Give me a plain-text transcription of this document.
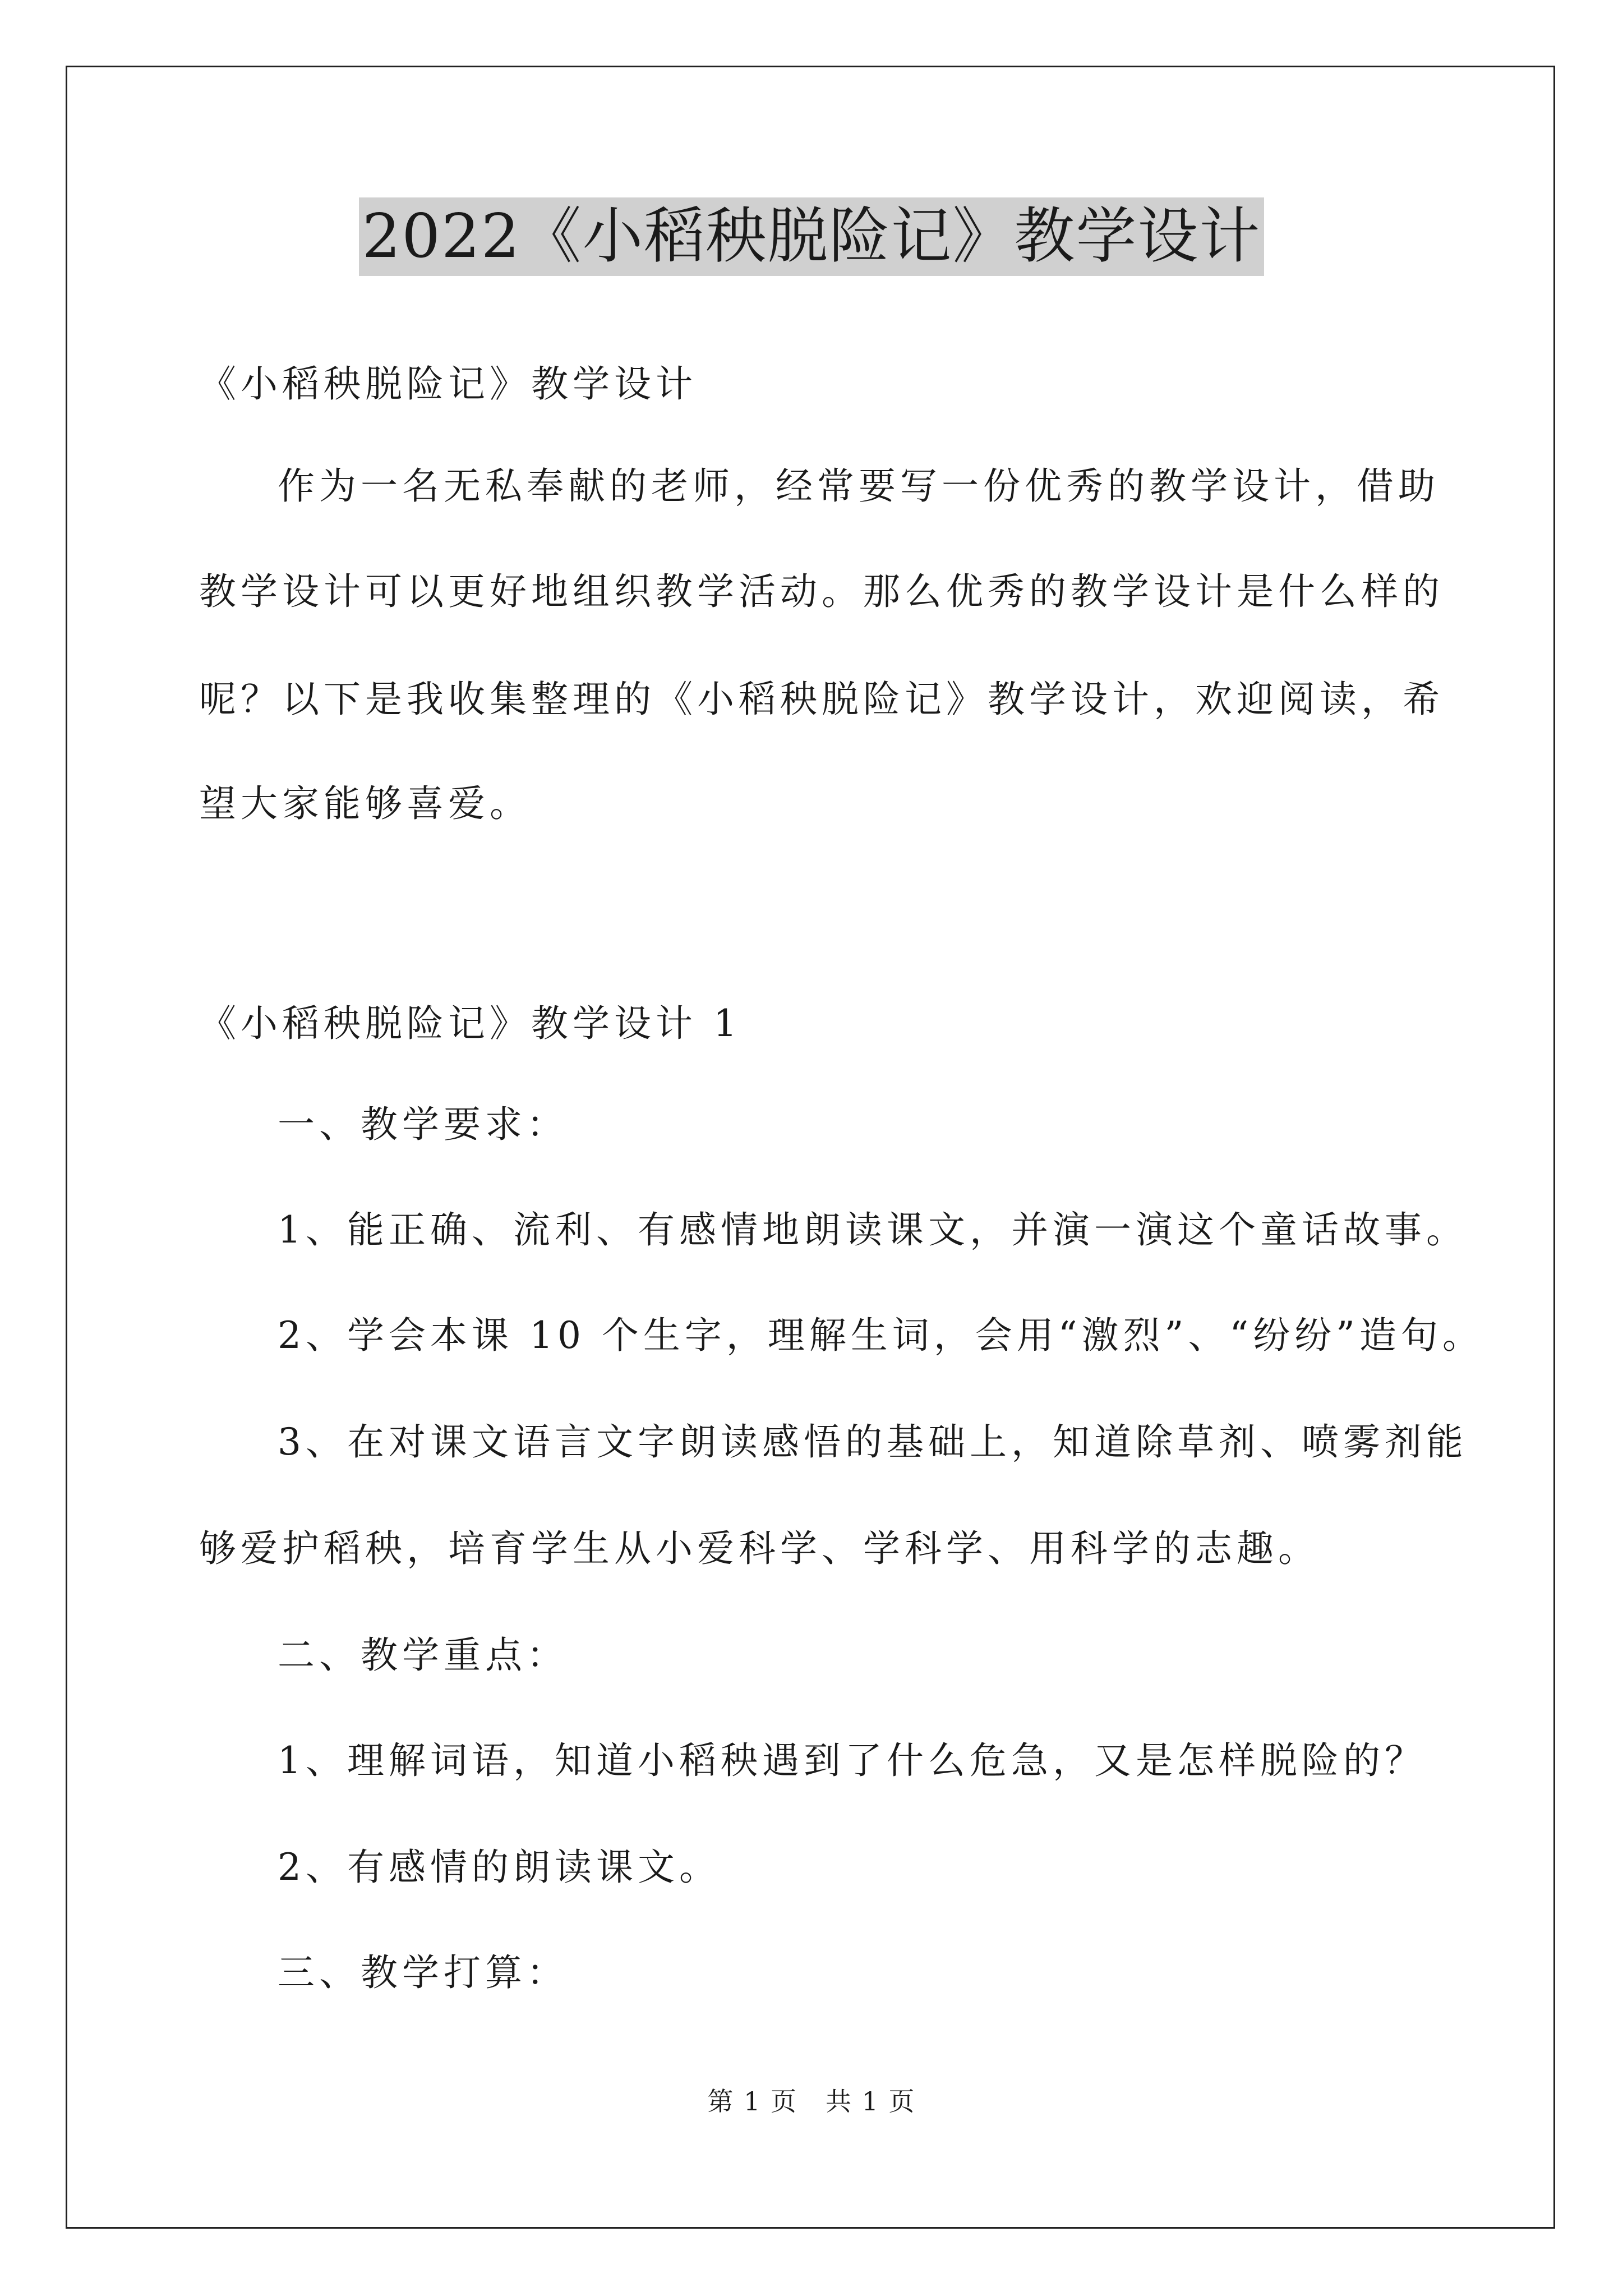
2022《小稻秧脱险记》教学设计
《小稻秧脱险记》教学设计
作为一名无私奉献的老师，经常要写一份优秀的教学设计，借助
教学设计可以更好地组织教学活动。那么优秀的教学设计是什么样的
呢？以下是我收集整理的《小稻秧脱险记》教学设计，欢迎阅读，希
望大家能够喜爱。
《小稻秧脱险记》教学设计 1
一、教学要求：
1、能正确、流利、有感情地朗读课文，并演一演这个童话故事。
2、学会本课 10 个生字，理解生词，会用“激烈”、“纷纷”造句。
3、在对课文语言文字朗读感悟的基础上，知道除草剂、喷雾剂能
够爱护稻秧，培育学生从小爱科学、学科学、用科学的志趣。
二、教学重点：
1、理解词语，知道小稻秧遇到了什么危急，又是怎样脱险的？
2、有感情的朗读课文。
三、教学打算：
第 1 页 共 1 页
